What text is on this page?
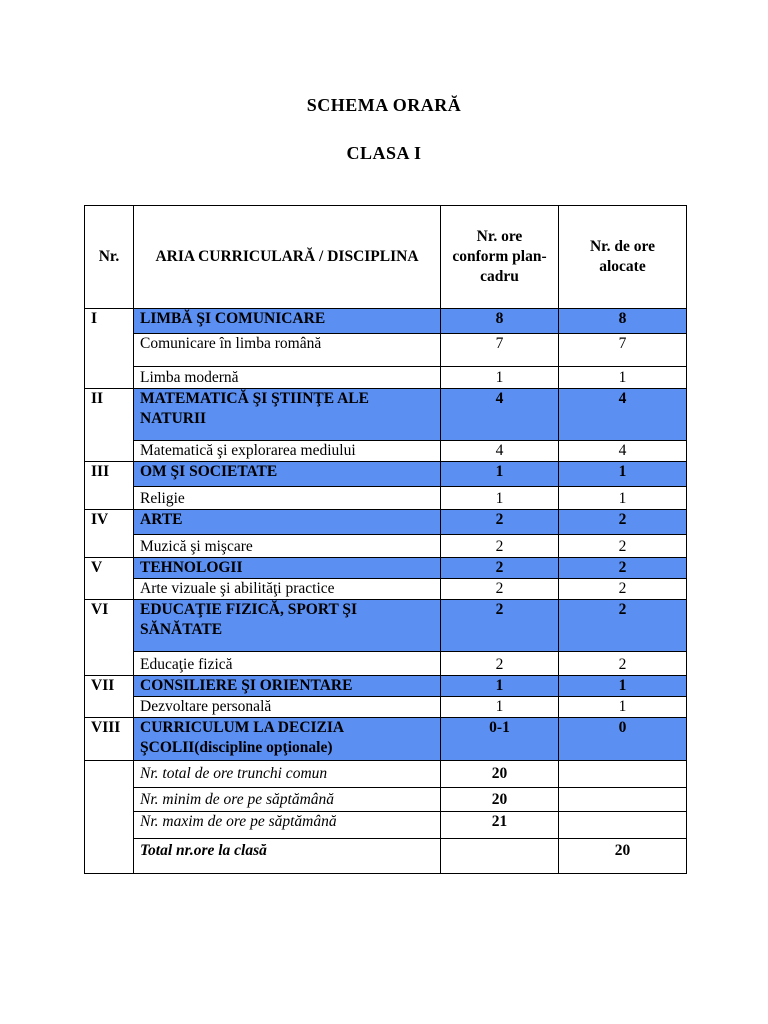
SCHEMA ORARĂ
CLASA I
Nr.	ARIA CURRICULARĂ / DISCIPLINA	Nr. ore conform plan- cadru	Nr. de ore alocate
I	LIMBĂ ŞI COMUNICARE	8	8
	Comunicare în limba română	7	7
	Limba modernă	1	1
II	MATEMATICĂ ŞI ŞTIINŢE ALE NATURII	4	4
	Matematică şi explorarea mediului	4	4
III	OM ŞI SOCIETATE	1	1
	Religie	1	1
IV	ARTE	2	2
	Muzică şi mişcare	2	2
V	TEHNOLOGII	2	2
	Arte vizuale şi abilităţi practice	2	2
VI	EDUCAŢIE FIZICĂ, SPORT ŞI SĂNĂTATE	2	2
	Educaţie fizică	2	2
VII	CONSILIERE ŞI ORIENTARE	1	1
	Dezvoltare personală	1	1
VIII	CURRICULUM LA DECIZIA ŞCOLII(discipline opţionale)	0-1	0
	Nr. total de ore trunchi comun	20	
	Nr. minim de ore pe săptămână	20	
	Nr. maxim de ore pe săptămână	21	
	Total nr.ore la clasă		20
